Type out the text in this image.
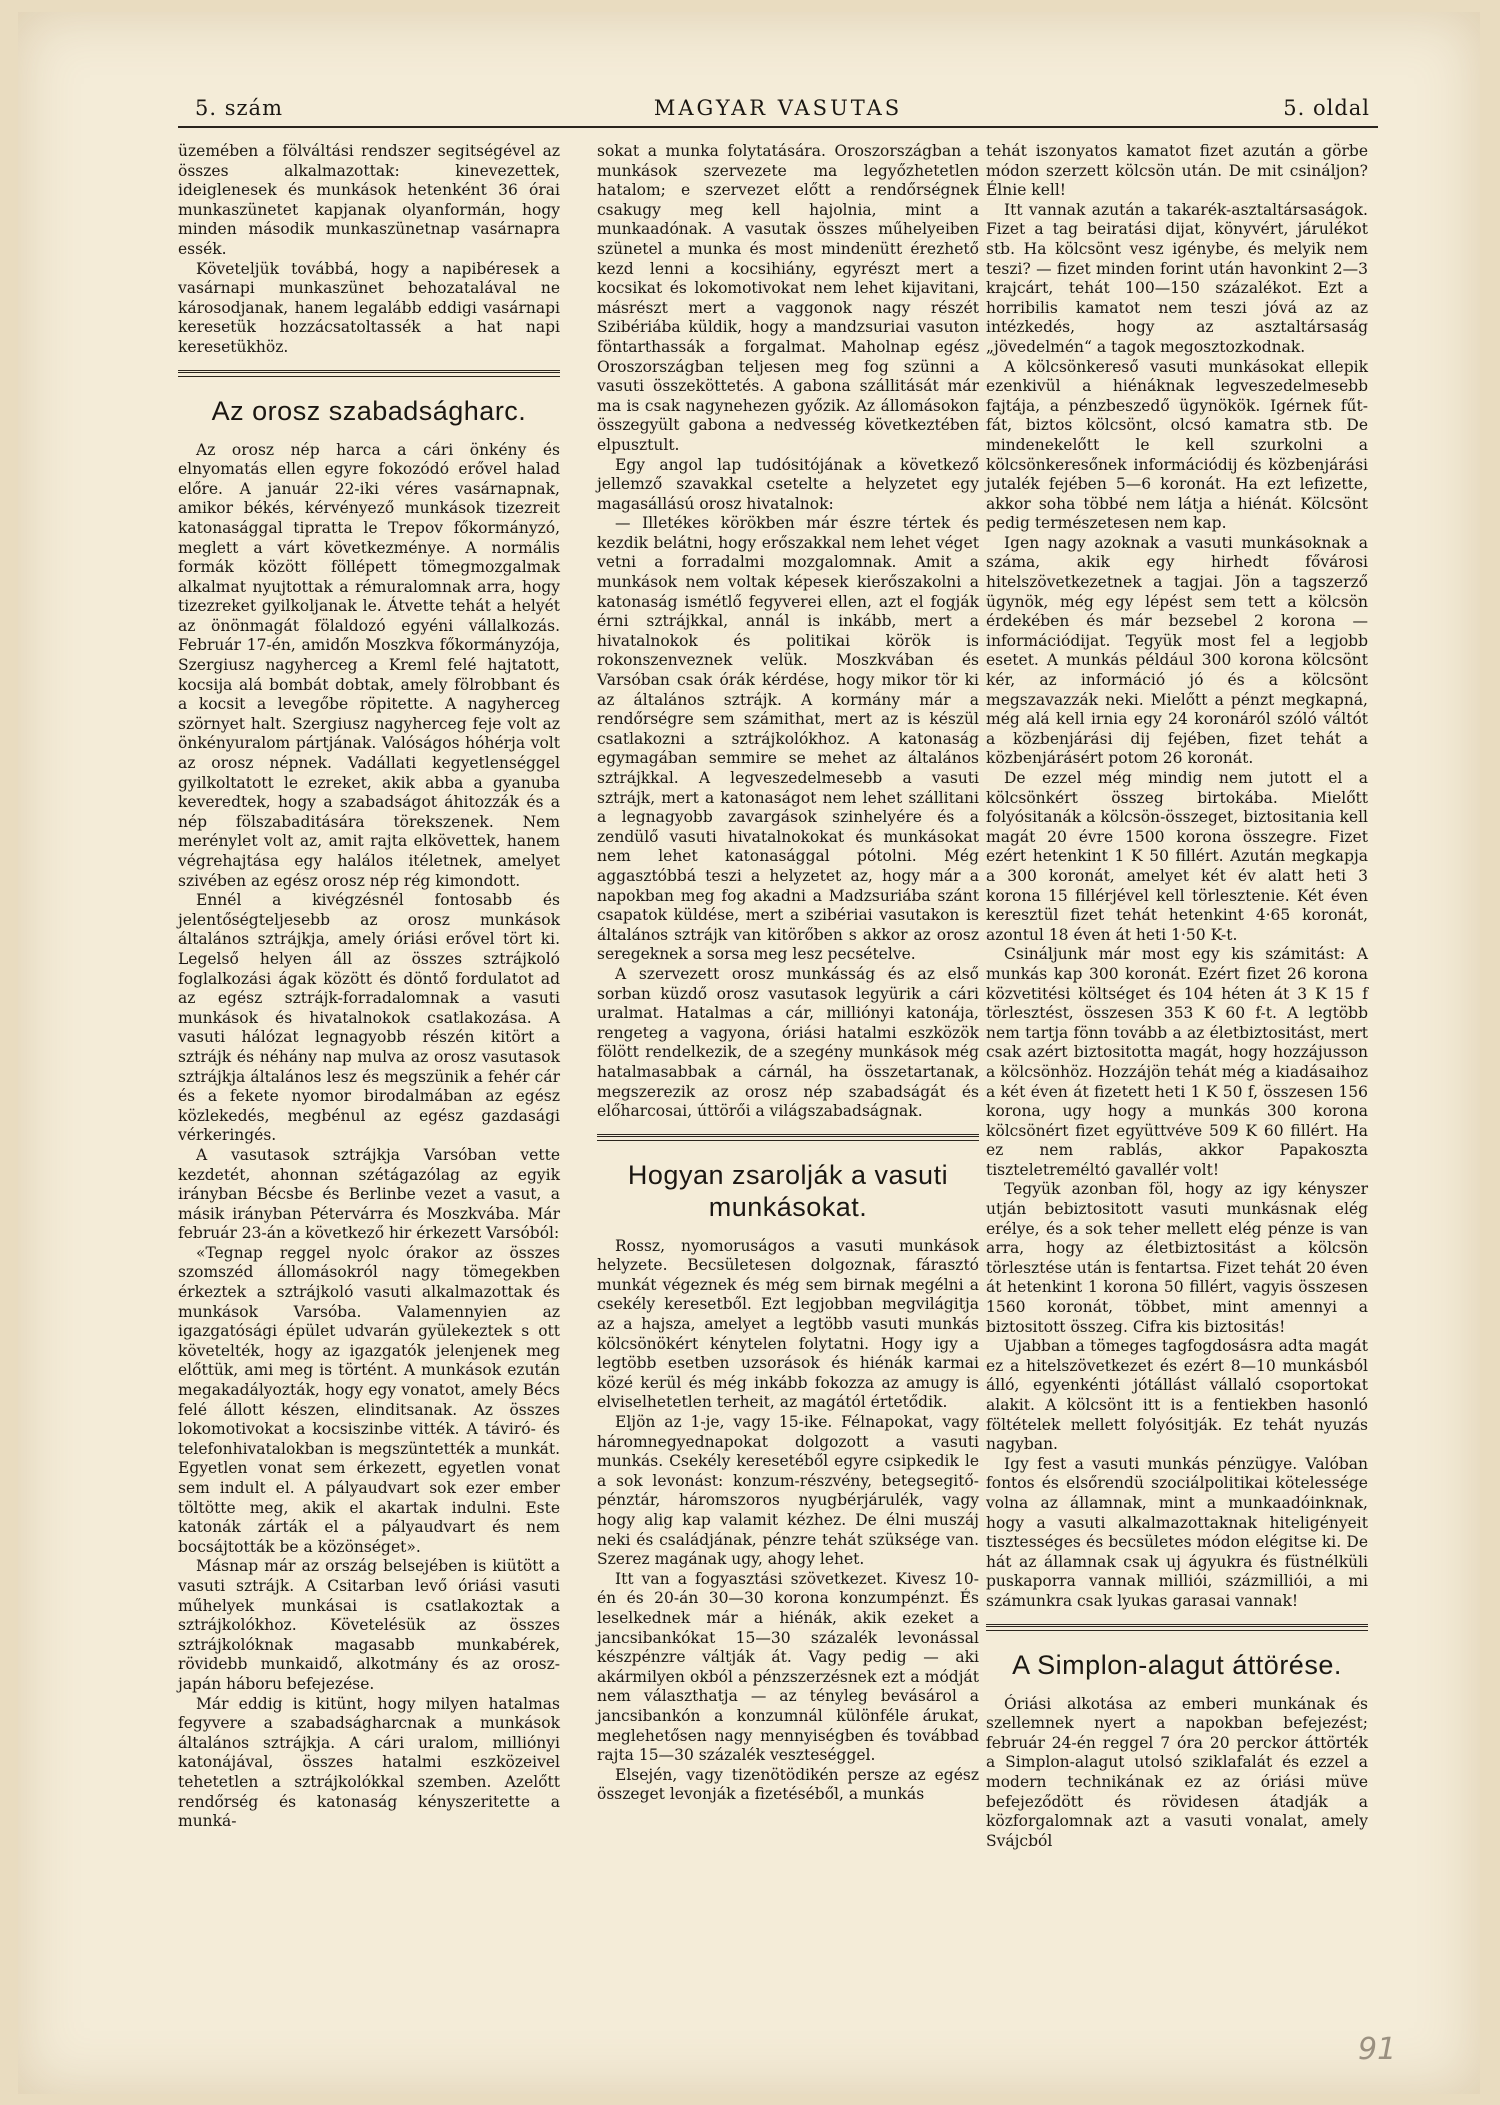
5. szám	MAGYAR VASUTAS	5. oldal

üzemében a fölváltási rendszer segitségével az összes alkalmazottak: kinevezettek, ideiglenesek és munkások hetenként 36 órai munkaszünetet kapjanak olyanformán, hogy minden második munkaszünetnap vasárnapra essék.

Követeljük továbbá, hogy a napibéresek a vasárnapi munkaszünet behozatalával ne károsodjanak, hanem legalább eddigi vasárnapi keresetük hozzácsatoltassék a hat napi keresetükhöz.

Az orosz szabadságharc.

Az orosz nép harca a cári önkény és elnyomatás ellen egyre fokozódó erővel halad előre. A január 22-iki véres vasárnapnak, amikor békés, kérvényező munkások tizezreit katonasággal tipratta le Trepov főkormányzó, meglett a várt következménye. A normális formák között föllépett tömegmozgalmak alkalmat nyujtottak a rémuralomnak arra, hogy tizezreket gyilkoljanak le. Átvette tehát a helyét az önönmagát fölaldozó egyéni vállalkozás. Február 17-én, amidőn Moszkva főkormányzója, Szergiusz nagyherceg a Kreml felé hajtatott, kocsija alá bombát dobtak, amely fölrobbant és a kocsit a levegőbe röpitette. A nagyherceg szörnyet halt. Szergiusz nagyherceg feje volt az önkényuralom pártjának. Valóságos hóhérja volt az orosz népnek. Vadállati kegyetlenséggel gyilkoltatott le ezreket, akik abba a gyanuba keveredtek, hogy a szabadságot áhitozzák és a nép fölszabaditására törekszenek. Nem merénylet volt az, amit rajta elkövettek, hanem végrehajtása egy halálos itéletnek, amelyet szivében az egész orosz nép rég kimondott.

Ennél a kivégzésnél fontosabb és jelentőségteljesebb az orosz munkások általános sztrájkja, amely óriási erővel tört ki. Legelső helyen áll az összes sztrájkoló foglalkozási ágak között és döntő fordulatot ad az egész sztrájk-forradalomnak a vasuti munkások és hivatalnokok csatlakozása. A vasuti hálózat legnagyobb részén kitört a sztrájk és néhány nap mulva az orosz vasutasok sztrájkja általános lesz és megszünik a fehér cár és a fekete nyomor birodalmában az egész közlekedés, megbénul az egész gazdasági vérkeringés.

A vasutasok sztrájkja Varsóban vette kezdetét, ahonnan szétágazólag az egyik irányban Bécsbe és Berlinbe vezet a vasut, a másik irányban Pétervárra és Moszkvába. Már február 23-án a következő hir érkezett Varsóból:

«Tegnap reggel nyolc órakor az összes szomszéd állomásokról nagy tömegekben érkeztek a sztrájkoló vasuti alkalmazottak és munkások Varsóba. Valamennyien az igazgatósági épület udvarán gyülekeztek s ott követelték, hogy az igazgatók jelenjenek meg előttük, ami meg is történt. A munkások ezután megakadályozták, hogy egy vonatot, amely Bécs felé állott készen, elinditsanak. Az összes lokomotivokat a kocsiszinbe vitték. A táviró- és telefonhivatalokban is megszüntették a munkát. Egyetlen vonat sem érkezett, egyetlen vonat sem indult el. A pályaudvart sok ezer ember töltötte meg, akik el akartak indulni. Este katonák zárták el a pályaudvart és nem bocsájtották be a közönséget».

Másnap már az ország belsejében is kiütött a vasuti sztrájk. A Csitarban levő óriási vasuti műhelyek munkásai is csatlakoztak a sztrájkolókhoz. Követelésük az összes sztrájkolóknak magasabb munkabérek, rövidebb munkaidő, alkotmány és az orosz-japán háboru befejezése.

Már eddig is kitünt, hogy milyen hatalmas fegyvere a szabadságharcnak a munkások általános sztrájkja. A cári uralom, milliónyi katonájával, összes hatalmi eszközeivel tehetetlen a sztrájkolókkal szemben. Azelőtt rendőrség és katonaság kényszeritette a munká-

sokat a munka folytatására. Oroszországban a munkások szervezete ma legyőzhetetlen hatalom; e szervezet előtt a rendőrségnek csakugy meg kell hajolnia, mint a munkaadónak. A vasutak összes műhelyeiben szünetel a munka és most mindenütt érezhető kezd lenni a kocsihiány, egyrészt mert a kocsikat és lokomotivokat nem lehet kijavitani, másrészt mert a vaggonok nagy részét Szibériába küldik, hogy a mandzsuriai vasuton föntarthassák a forgalmat. Maholnap egész Oroszországban teljesen meg fog szünni a vasuti összeköttetés. A gabona szállitását már ma is csak nagynehezen győzik. Az állomásokon összegyült gabona a nedvesség következtében elpusztult.

Egy angol lap tudósitójának a következő jellemző szavakkal csetelte a helyzetet egy magasállású orosz hivatalnok:

— Illetékes körökben már észre tértek és kezdik belátni, hogy erőszakkal nem lehet véget vetni a forradalmi mozgalomnak. Amit a munkások nem voltak képesek kierőszakolni a katonaság ismétlő fegyverei ellen, azt el fogják érni sztrájkkal, annál is inkább, mert a hivatalnokok és politikai körök is rokonszenveznek velük. Moszkvában és Varsóban csak órák kérdése, hogy mikor tör ki az általános sztrájk. A kormány már a rendőrségre sem számithat, mert az is készül csatlakozni a sztrájkolókhoz. A katonaság egymagában semmire se mehet az általános sztrájkkal. A legveszedelmesebb a vasuti sztrájk, mert a katonaságot nem lehet szállitani a legnagyobb zavargások szinhelyére és a zendülő vasuti hivatalnokokat és munkásokat nem lehet katonasággal pótolni. Még aggasztóbbá teszi a helyzetet az, hogy már a napokban meg fog akadni a Madzsuriába szánt csapatok küldése, mert a szibériai vasutakon is általános sztrájk van kitörőben s akkor az orosz seregeknek a sorsa meg lesz pecsételve.

A szervezett orosz munkásság és az első sorban küzdő orosz vasutasok legyürik a cári uralmat. Hatalmas a cár, milliónyi katonája, rengeteg a vagyona, óriási hatalmi eszközök fölött rendelkezik, de a szegény munkások még hatalmasabbak a cárnál, ha összetartanak, megszerezik az orosz nép szabadságát és előharcosai, úttörői a világszabadságnak.

Hogyan zsarolják a vasuti munkásokat.

Rossz, nyomoruságos a vasuti munkások helyzete. Becsületesen dolgoznak, fárasztó munkát végeznek és még sem birnak megélni a csekély keresetből. Ezt legjobban megvilágitja az a hajsza, amelyet a legtöbb vasuti munkás kölcsönökért kénytelen folytatni. Hogy igy a legtöbb esetben uzsorások és hiénák karmai közé kerül és még inkább fokozza az amugy is elviselhetetlen terheit, az magától értetődik.

Eljön az 1-je, vagy 15-ike. Félnapokat, vagy háromnegyednapokat dolgozott a vasuti munkás. Csekély keresetéből egyre csipkedik le a sok levonást: konzum-részvény, betegsegitő-pénztár, háromszoros nyugbérjárulék, vagy hogy alig kap valamit kézhez. De élni muszáj neki és családjának, pénzre tehát szüksége van. Szerez magának ugy, ahogy lehet.

Itt van a fogyasztási szövetkezet. Kivesz 10-én és 20-án 30—30 korona konzumpénzt. És leselkednek már a hiénák, akik ezeket a jancsibankókat 15—30 százalék levonással készpénzre váltják át. Vagy pedig — aki akármilyen okból a pénzszerzésnek ezt a módját nem választhatja — az tényleg bevásárol a jancsibankón a konzumnál különféle árukat, meglehetősen nagy mennyiségben és továbbad rajta 15—30 százalék veszteséggel.

Elsején, vagy tizenötödikén persze az egész összeget levonják a fizetéséből, a munkás

tehát iszonyatos kamatot fizet azután a görbe módon szerzett kölcsön után. De mit csináljon? Élnie kell!

Itt vannak azután a takarék-asztaltársaságok. Fizet a tag beiratási dijat, könyvért, járulékot stb. Ha kölcsönt vesz igénybe, és melyik nem teszi? — fizet minden forint után havonkint 2—3 krajcárt, tehát 100—150 százalékot. Ezt a horribilis kamatot nem teszi jóvá az az intézkedés, hogy az asztaltársaság „jövedelmén“ a tagok megosztozkodnak.

A kölcsönkereső vasuti munkásokat ellepik ezenkivül a hiénáknak legveszedelmesebb fajtája, a pénzbeszedő ügynökök. Igérnek fűt-fát, biztos kölcsönt, olcsó kamatra stb. De mindenekelőtt le kell szurkolni a kölcsönkeresőnek információdij és közbenjárási jutalék fejében 5—6 koronát. Ha ezt lefizette, akkor soha többé nem látja a hiénát. Kölcsönt pedig természetesen nem kap.

Igen nagy azoknak a vasuti munkásoknak a száma, akik egy hirhedt fővárosi hitelszövetkezetnek a tagjai. Jön a tagszerző ügynök, még egy lépést sem tett a kölcsön érdekében és már bezsebel 2 korona — információdijat. Tegyük most fel a legjobb esetet. A munkás például 300 korona kölcsönt kér, az információ jó és a kölcsönt megszavazzák neki. Mielőtt a pénzt megkapná, még alá kell irnia egy 24 koronáról szóló váltót a közbenjárási dij fejében, fizet tehát a közbenjárásért potom 26 koronát.

De ezzel még mindig nem jutott el a kölcsönkért összeg birtokába. Mielőtt folyósitanák a kölcsön-összeget, biztositania kell magát 20 évre 1500 korona összegre. Fizet ezért hetenkint 1 K 50 fillért. Azután megkapja a 300 koronát, amelyet két év alatt heti 3 korona 15 fillérjével kell törlesztenie. Két éven keresztül fizet tehát hetenkint 4·65 koronát, azontul 18 éven át heti 1·50 K-t.

Csináljunk már most egy kis számitást: A munkás kap 300 koronát. Ezért fizet 26 korona közvetitési költséget és 104 héten át 3 K 15 f törlesztést, összesen 353 K 60 f-t. A legtöbb nem tartja fönn tovább a az életbiztositást, mert csak azért biztositotta magát, hogy hozzájusson a kölcsönhöz. Hozzájön tehát még a kiadásaihoz a két éven át fizetett heti 1 K 50 f, összesen 156 korona, ugy hogy a munkás 300 korona kölcsönért fizet együttvéve 509 K 60 fillért. Ha ez nem rablás, akkor Papakoszta tiszteletreméltó gavallér volt!

Tegyük azonban föl, hogy az igy kényszer utján bebiztositott vasuti munkásnak elég erélye, és a sok teher mellett elég pénze is van arra, hogy az életbiztositást a kölcsön törlesztése után is fentartsa. Fizet tehát 20 éven át hetenkint 1 korona 50 fillért, vagyis összesen 1560 koronát, többet, mint amennyi a biztositott összeg. Cifra kis biztositás!

Ujabban a tömeges tagfogdosásra adta magát ez a hitelszövetkezet és ezért 8—10 munkásból álló, egyenkénti jótállást vállaló csoportokat alakit. A kölcsönt itt is a fentiekben hasonló föltételek mellett folyósitják. Ez tehát nyuzás nagyban.

Igy fest a vasuti munkás pénzügye. Valóban fontos és elsőrendü szociálpolitikai kötelessége volna az államnak, mint a munkaadóinknak, hogy a vasuti alkalmazottaknak hiteligényeit tisztességes és becsületes módon elégitse ki. De hát az államnak csak uj ágyukra és füstnélküli puskaporra vannak milliói, százmilliói, a mi számunkra csak lyukas garasai vannak!

A Simplon-alagut áttörése.

Óriási alkotása az emberi munkának és szellemnek nyert a napokban befejezést; február 24-én reggel 7 óra 20 perckor áttörték a Simplon-alagut utolsó sziklafalát és ezzel a modern technikának ez az óriási müve befejeződött és rövidesen átadják a közforgalomnak azt a vasuti vonalat, amely Svájcból

91
